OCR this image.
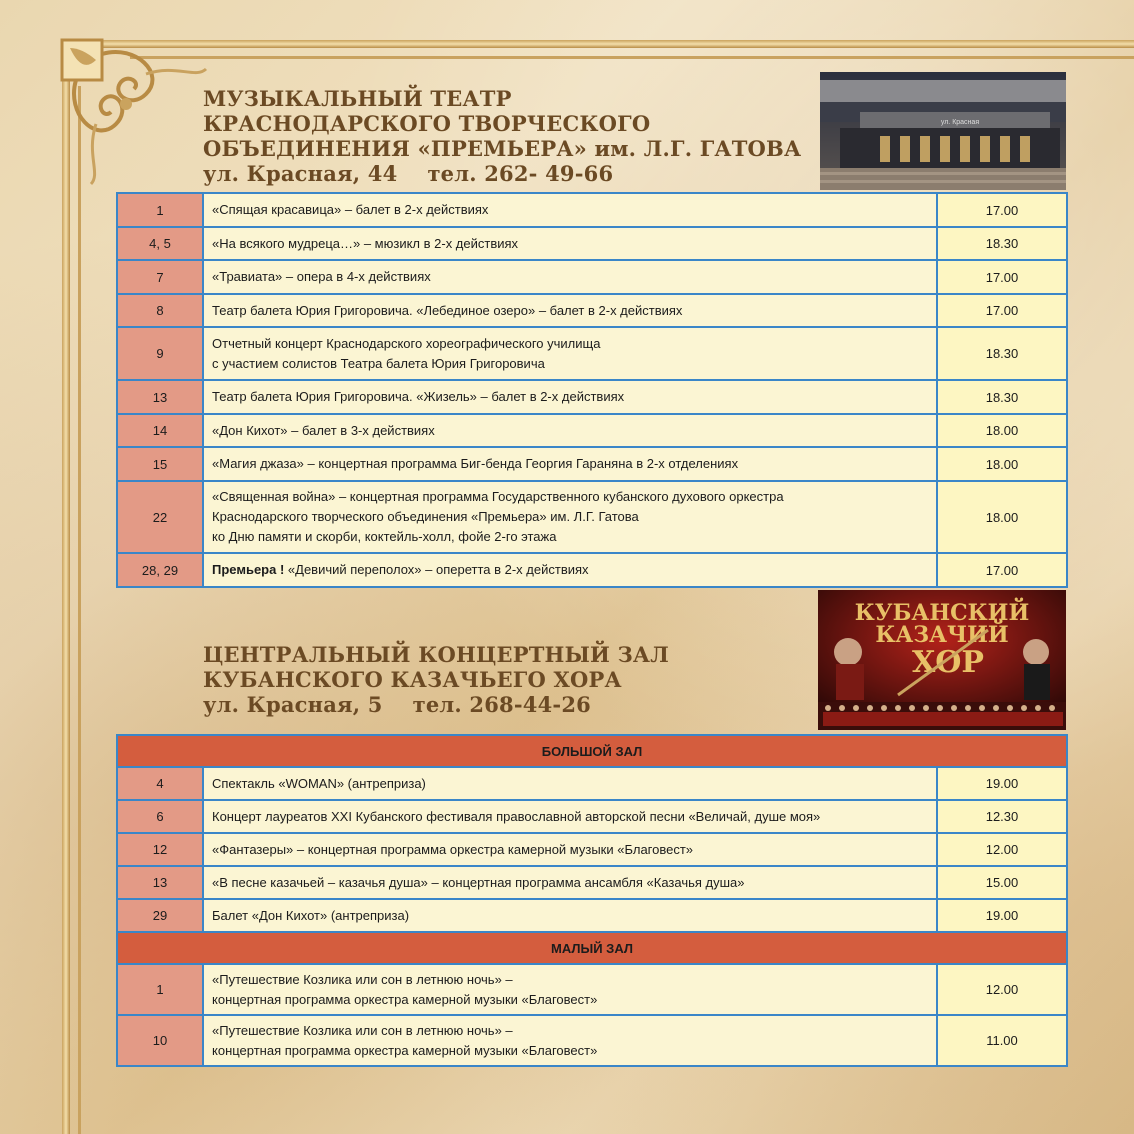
МУЗЫКАЛЬНЫЙ ТЕАТР
КРАСНОДАРСКОГО ТВОРЧЕСКОГО
ОБЪЕДИНЕНИЯ «ПРЕМЬЕРА» им. Л.Г. ГАТОВА
ул. Красная, 44 тел. 262- 49-66
ул. Красная
1	«Спящая красавица» – балет в 2-х действиях	17.00
4, 5	«На всякого мудреца…» – мюзикл в 2-х действиях	18.30
7	«Травиата» – опера в 4-х действиях	17.00
8	Театр балета Юрия Григоровича. «Лебединое озеро» – балет в 2-х действиях	17.00
9	Отчетный концерт Краснодарского хореографического училища
с участием солистов Театра балета Юрия Григоровича	18.30
13	Театр балета Юрия Григоровича. «Жизель» – балет в 2-х действиях	18.30
14	«Дон Кихот» – балет в 3-х действиях	18.00
15	«Магия джаза» – концертная программа Биг-бенда Георгия Гараняна в 2-х отделениях	18.00
22	«Священная война» – концертная программа Государственного кубанского духового оркестра
Краснодарского творческого объединения «Премьера» им. Л.Г. Гатова
ко Дню памяти и скорби, коктейль-холл, фойе 2-го этажа	18.00
28, 29	Премьера ! «Девичий переполох» – оперетта в 2-х действиях	17.00
ЦЕНТРАЛЬНЫЙ КОНЦЕРТНЫЙ ЗАЛ
КУБАНСКОГО КАЗАЧЬЕГО ХОРА
ул. Красная, 5 тел. 268-44-26
КУБАНСКИЙ
КАЗАЧИЙ
ХОР
БОЛЬШОЙ ЗАЛ		
4	Спектакль «WOMAN» (антреприза)	19.00
6	Концерт лауреатов XXI Кубанского фестиваля православной авторской песни «Величай, душе моя»	12.30
12	«Фантазеры» – концертная программа оркестра камерной музыки «Благовест»	12.00
13	«В песне казачьей – казачья душа» – концертная программа ансамбля «Казачья душа»	15.00
29	Балет «Дон Кихот» (антреприза)	19.00
МАЛЫЙ ЗАЛ		
1	«Путешествие Козлика или сон в летнюю ночь» –
концертная программа оркестра камерной музыки «Благовест»	12.00
10	«Путешествие Козлика или сон в летнюю ночь» –
концертная программа оркестра камерной музыки «Благовест»	11.00
